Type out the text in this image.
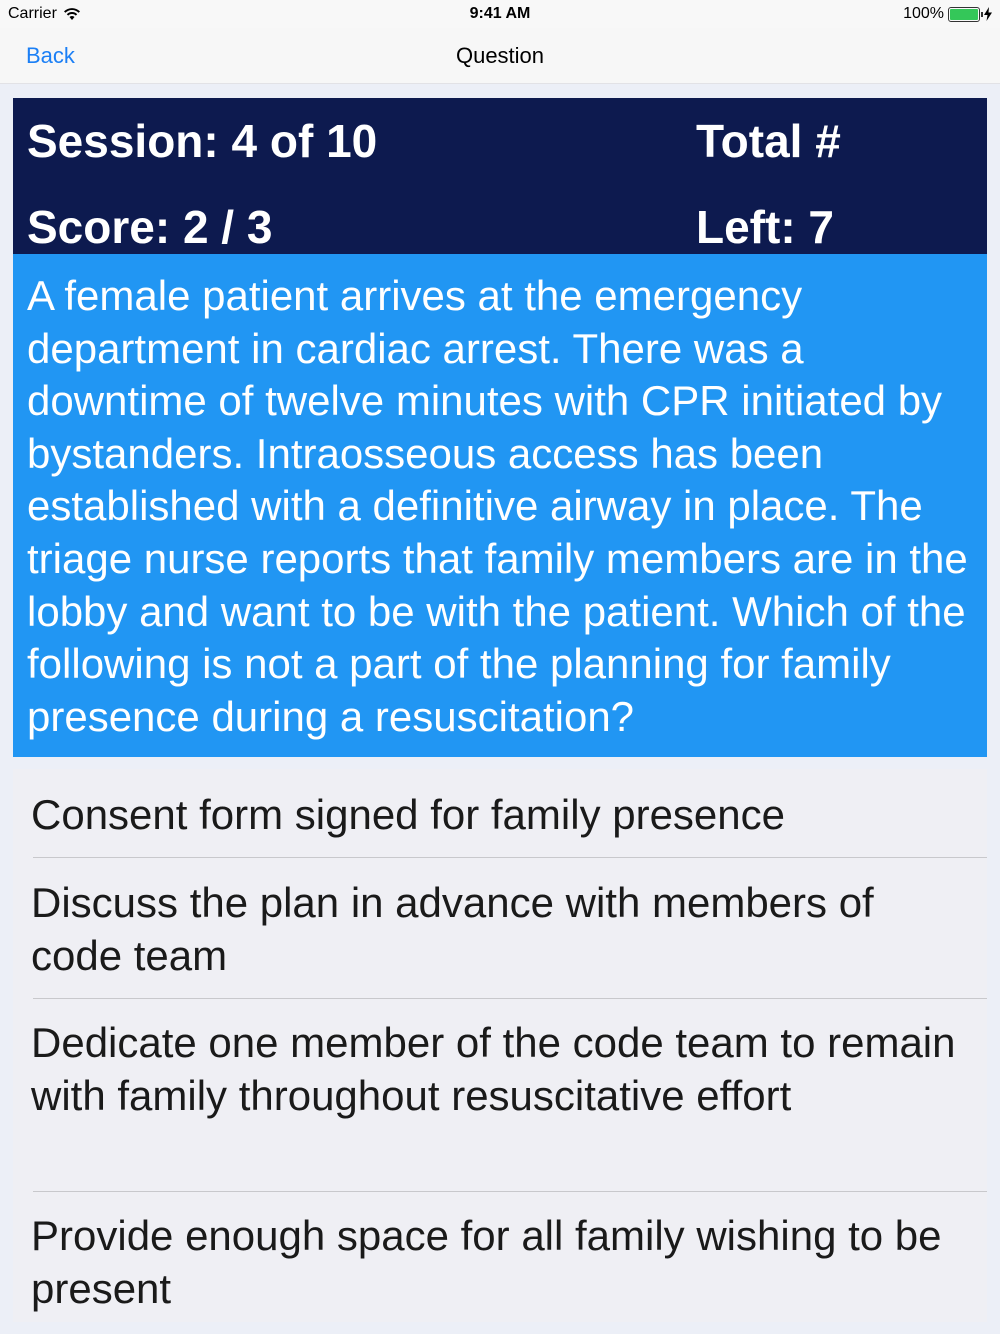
Carrier	9:41 AM	100%
Back	Question
Session: 4 of 10
Score: 2 / 3
Total #
Left: 7
A female patient arrives at the emergency department in cardiac arrest. There was a downtime of twelve minutes with CPR initiated by bystanders. Intraosseous access has been established with a definitive airway in place. The triage nurse reports that family members are in the lobby and want to be with the patient. Which of the following is not a part of the planning for family presence during a resuscitation?
Consent form signed for family presence
Discuss the plan in advance with members of code team
Dedicate one member of the code team to remain with family throughout resuscitative effort
Provide enough space for all family wishing to be present
